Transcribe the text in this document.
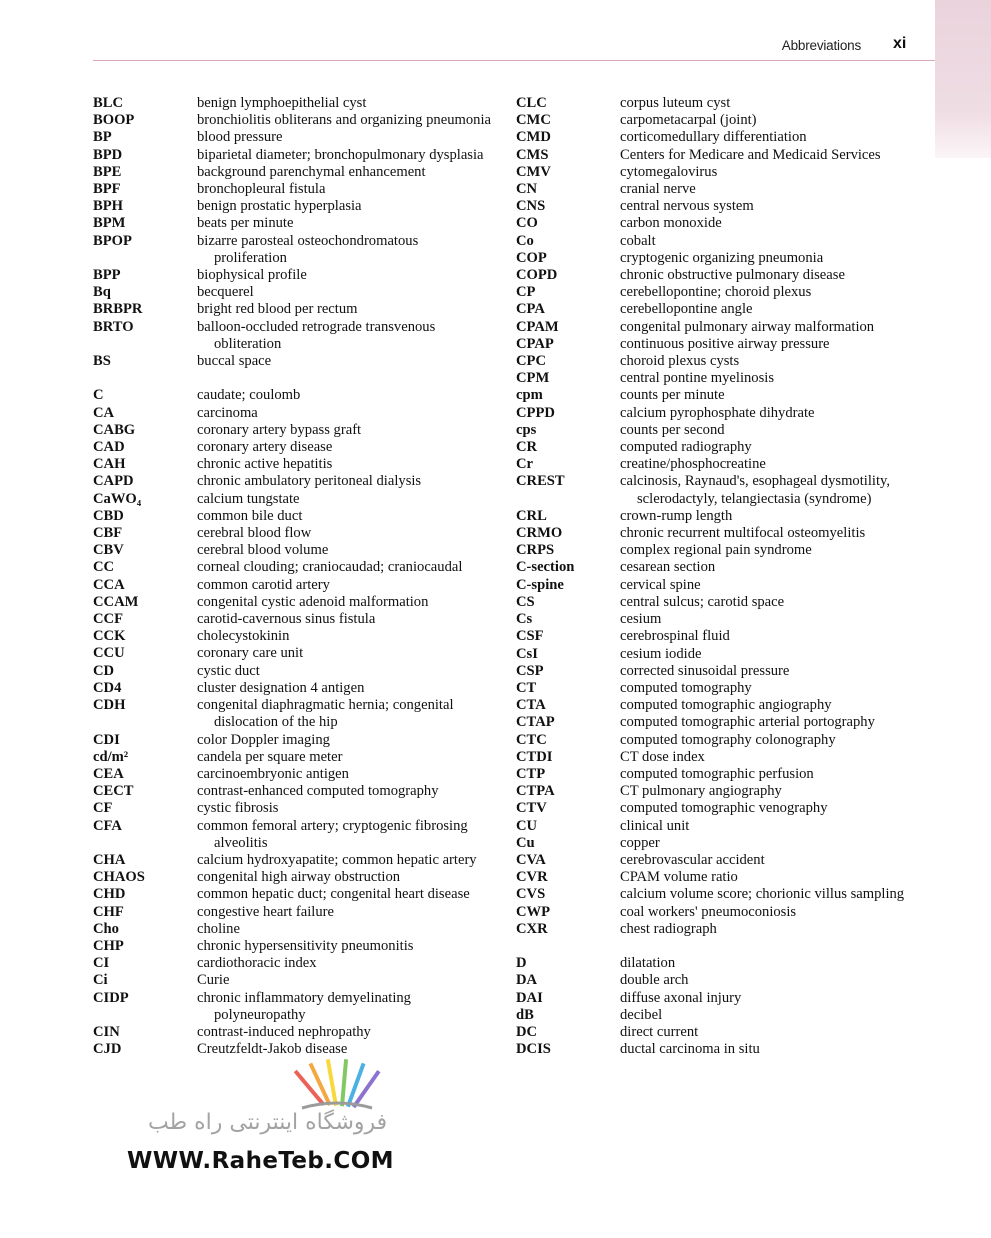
Abbreviations xi
BLC	benign lymphoepithelial cyst
BOOP	bronchiolitis obliterans and organizing pneumonia
BP	blood pressure
BPD	biparietal diameter; bronchopulmonary dysplasia
BPE	background parenchymal enhancement
BPF	bronchopleural fistula
BPH	benign prostatic hyperplasia
BPM	beats per minute
BPOP	bizarre parosteal osteochondromatous proliferation
BPP	biophysical profile
Bq	becquerel
BRBPR	bright red blood per rectum
BRTO	balloon-occluded retrograde transvenous obliteration
BS	buccal space
C	caudate; coulomb
CA	carcinoma
CABG	coronary artery bypass graft
CAD	coronary artery disease
CAH	chronic active hepatitis
CAPD	chronic ambulatory peritoneal dialysis
CaWO₄	calcium tungstate
CBD	common bile duct
CBF	cerebral blood flow
CBV	cerebral blood volume
CC	corneal clouding; craniocaudad; craniocaudal
CCA	common carotid artery
CCAM	congenital cystic adenoid malformation
CCF	carotid-cavernous sinus fistula
CCK	cholecystokinin
CCU	coronary care unit
CD	cystic duct
CD4	cluster designation 4 antigen
CDH	congenital diaphragmatic hernia; congenital dislocation of the hip
CDI	color Doppler imaging
cd/m²	candela per square meter
CEA	carcinoembryonic antigen
CECT	contrast-enhanced computed tomography
CF	cystic fibrosis
CFA	common femoral artery; cryptogenic fibrosing alveolitis
CHA	calcium hydroxyapatite; common hepatic artery
CHAOS	congenital high airway obstruction
CHD	common hepatic duct; congenital heart disease
CHF	congestive heart failure
Cho	choline
CHP	chronic hypersensitivity pneumonitis
CI	cardiothoracic index
Ci	Curie
CIDP	chronic inflammatory demyelinating polyneuropathy
CIN	contrast-induced nephropathy
CJD	Creutzfeldt-Jakob disease
CLC	corpus luteum cyst
CMC	carpometacarpal (joint)
CMD	corticomedullary differentiation
CMS	Centers for Medicare and Medicaid Services
CMV	cytomegalovirus
CN	cranial nerve
CNS	central nervous system
CO	carbon monoxide
Co	cobalt
COP	cryptogenic organizing pneumonia
COPD	chronic obstructive pulmonary disease
CP	cerebellopontine; choroid plexus
CPA	cerebellopontine angle
CPAM	congenital pulmonary airway malformation
CPAP	continuous positive airway pressure
CPC	choroid plexus cysts
CPM	central pontine myelinosis
cpm	counts per minute
CPPD	calcium pyrophosphate dihydrate
cps	counts per second
CR	computed radiography
Cr	creatine/phosphocreatine
CREST	calcinosis, Raynaud's, esophageal dysmotility, sclerodactyly, telangiectasia (syndrome)
CRL	crown-rump length
CRMO	chronic recurrent multifocal osteomyelitis
CRPS	complex regional pain syndrome
C-section	cesarean section
C-spine	cervical spine
CS	central sulcus; carotid space
Cs	cesium
CSF	cerebrospinal fluid
CsI	cesium iodide
CSP	corrected sinusoidal pressure
CT	computed tomography
CTA	computed tomographic angiography
CTAP	computed tomographic arterial portography
CTC	computed tomography colonography
CTDI	CT dose index
CTP	computed tomographic perfusion
CTPA	CT pulmonary angiography
CTV	computed tomographic venography
CU	clinical unit
Cu	copper
CVA	cerebrovascular accident
CVR	CPAM volume ratio
CVS	calcium volume score; chorionic villus sampling
CWP	coal workers' pneumoconiosis
CXR	chest radiograph
D	dilatation
DA	double arch
DAI	diffuse axonal injury
dB	decibel
DC	direct current
DCIS	ductal carcinoma in situ
فروشگاه اینترنتی راه طب
WWW.RaheTeb.COM
